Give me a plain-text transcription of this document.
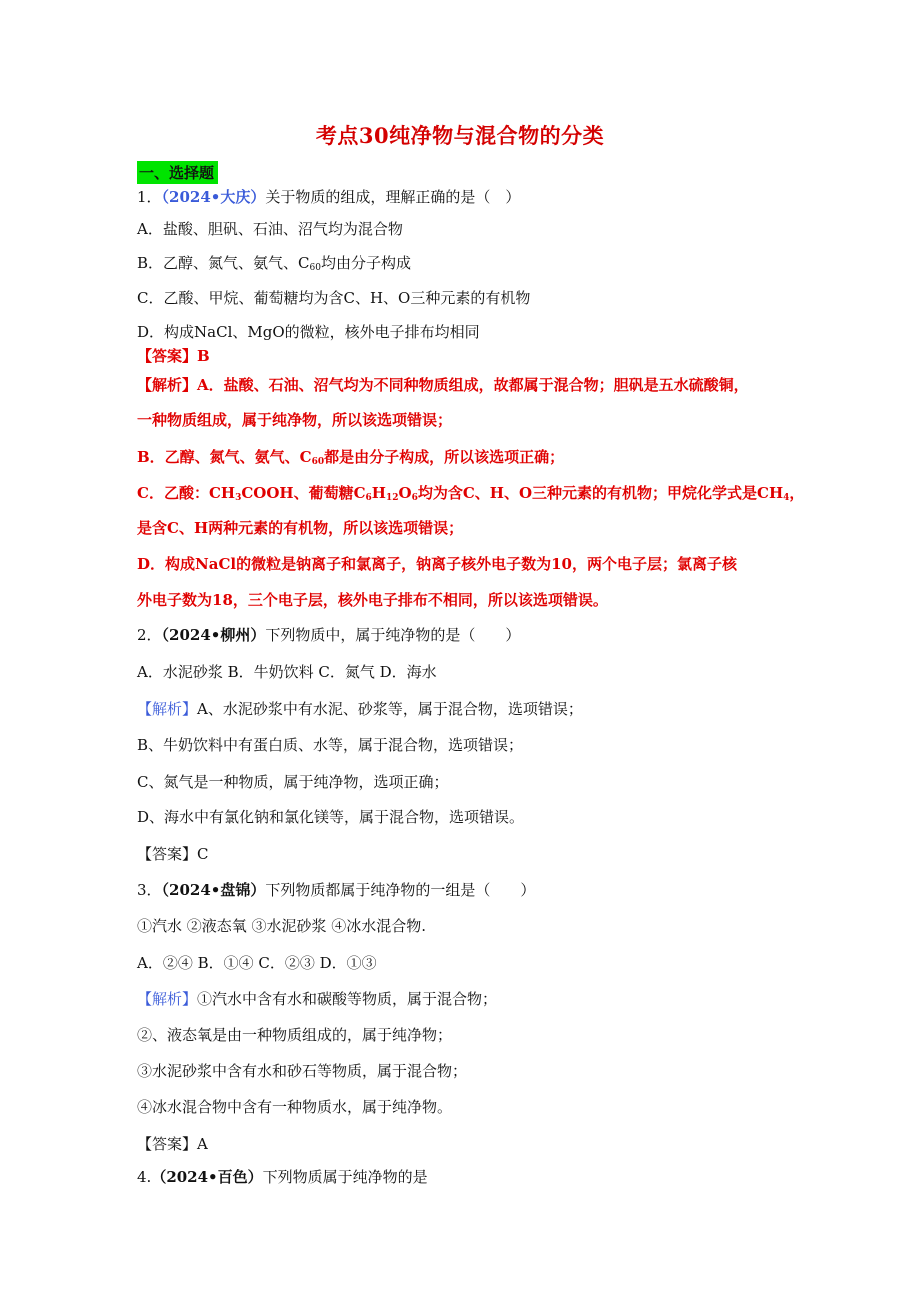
考点30纯净物与混合物的分类
一、选择题
1．（2024•大庆）关于物质的组成，理解正确的是（　）
A．盐酸、胆矾、石油、沼气均为混合物
B．乙醇、氮气、氨气、$C_{60}$均由分子构成
C．乙酸、甲烷、葡萄糖均为含C、H、O三种元素的有机物
D．构成NaCl、MgO的微粒，核外电子排布均相同
【答案】B
【解析】A．盐酸、石油、沼气均为不同种物质组成，故都属于混合物；胆矾是五水硫酸铜，
一种物质组成，属于纯净物，所以该选项错误；
B．乙醇、氮气、氨气、$C_{60}$都是由分子构成，所以该选项正确；
C．乙酸：$CH_3COOH$、葡萄糖$C_6H_{12}O_6$均为含C、H、O三种元素的有机物；甲烷化学式是$CH_4$，
是含C、H两种元素的有机物，所以该选项错误；
D．构成NaCl的微粒是钠离子和氯离子，钠离子核外电子数为10，两个电子层；氯离子核
外电子数为18，三个电子层，核外电子排布不相同，所以该选项错误。
2．（2024•柳州）下列物质中，属于纯净物的是（　　）
A．水泥砂浆 B．牛奶饮料 C．氮气 D．海水
【解析】A、水泥砂浆中有水泥、砂浆等，属于混合物，选项错误；
B、牛奶饮料中有蛋白质、水等，属于混合物，选项错误；
C、氮气是一种物质，属于纯净物，选项正确；
D、海水中有氯化钠和氯化镁等，属于混合物，选项错误。
【答案】C
3．（2024•盘锦）下列物质都属于纯净物的一组是（　　）
①汽水 ②液态氧 ③水泥砂浆 ④冰水混合物.
A．②④ B．①④ C．②③ D．①③
【解析】①汽水中含有水和碳酸等物质，属于混合物；
②、液态氧是由一种物质组成的，属于纯净物；
③水泥砂浆中含有水和砂石等物质，属于混合物；
④冰水混合物中含有一种物质水，属于纯净物。
【答案】A
4.（2024•百色）下列物质属于纯净物的是
